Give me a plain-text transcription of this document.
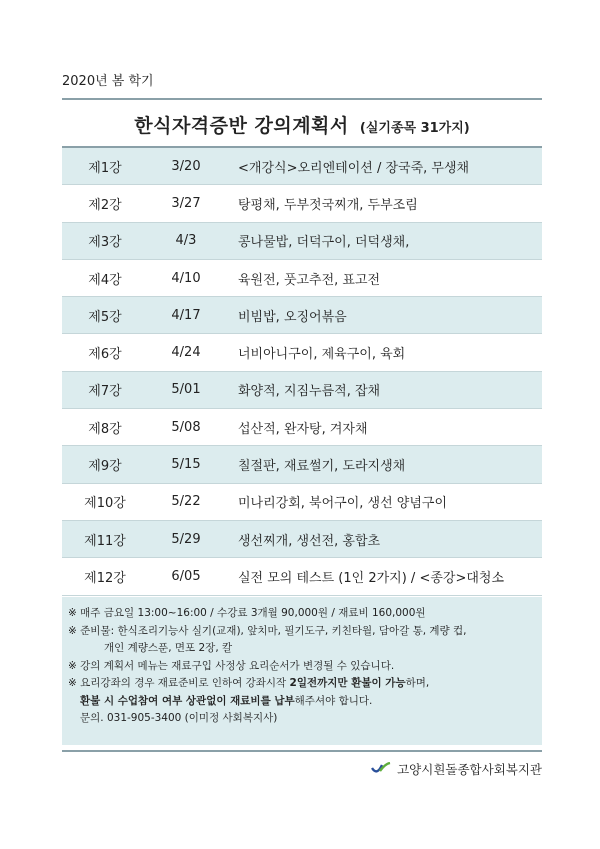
2020년 봄 학기
한식자격증반 강의계획서 (실기종목 31가지)
제1강	3/20	<개강식>오리엔테이션 / 장국죽, 무생채
제2강	3/27	탕평채, 두부젓국찌개, 두부조림
제3강	4/3	콩나물밥, 더덕구이, 더덕생채,
제4강	4/10	육원전, 풋고추전, 표고전
제5강	4/17	비빔밥, 오징어볶음
제6강	4/24	너비아니구이, 제육구이, 육회
제7강	5/01	화양적, 지짐누름적, 잡채
제8강	5/08	섭산적, 완자탕, 겨자채
제9강	5/15	칠절판, 재료썰기, 도라지생채
제10강	5/22	미나리강회, 북어구이, 생선 양념구이
제11강	5/29	생선찌개, 생선전, 홍합초
제12강	6/05	실전 모의 테스트 (1인 2가지) / <종강>대청소
※ 매주 금요일 13:00~16:00 / 수강료 3개월 90,000원 / 재료비 160,000원
※ 준비물: 한식조리기능사 실기(교재), 앞치마, 필기도구, 키친타월, 담아갈 통, 계량 컵,
개인 계량스푼, 면포 2장, 칼
※ 강의 계획서 메뉴는 재료구입 사정상 요리순서가 변경될 수 있습니다.
※ 요리강좌의 경우 재료준비로 인하여 강좌시작 2일전까지만 환불이 가능하며,
환불 시 수업참여 여부 상관없이 재료비를 납부해주셔야 합니다.
문의. 031-905-3400 (이미정 사회복지사)
고양시흰돌종합사회복지관
